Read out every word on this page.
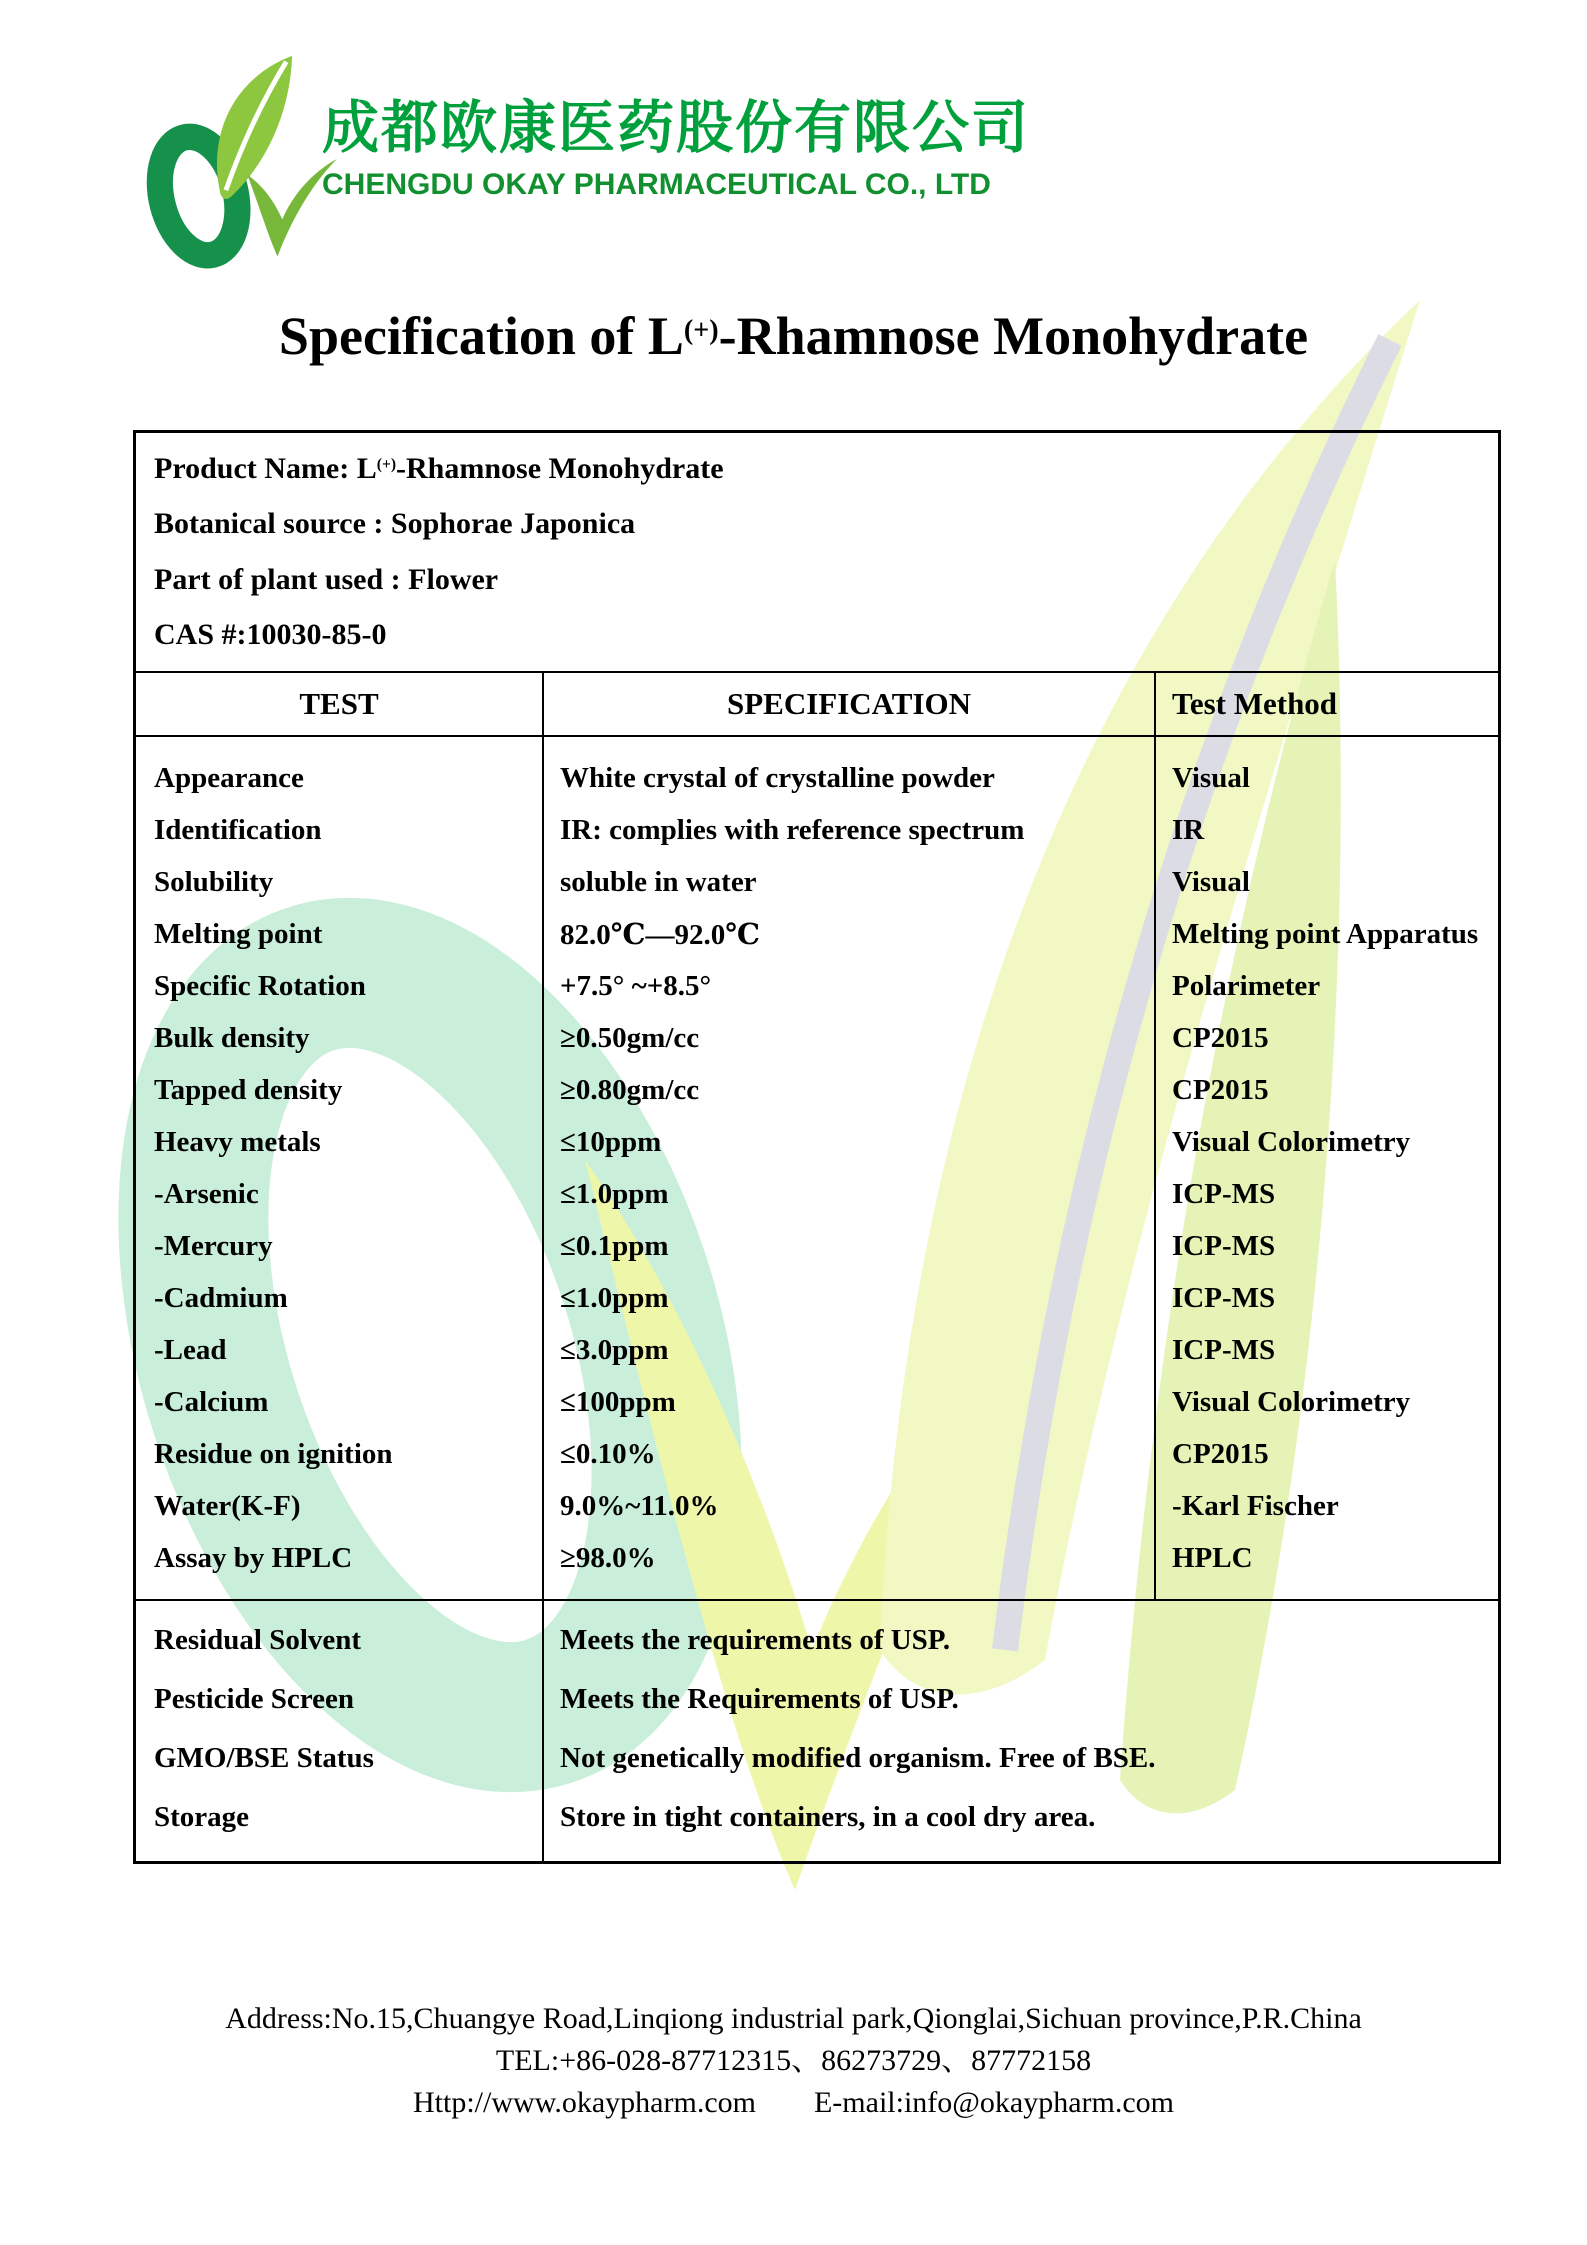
成都欧康医药股份有限公司
CHENGDU OKAY PHARMACEUTICAL CO., LTD
Specification of L(+)-Rhamnose Monohydrate
Product Name: L(+)-Rhamnose Monohydrate
Botanical source : Sophorae Japonica
Part of plant used : Flower
CAS #:10030-85-0
TEST	SPECIFICATION	Test Method
Appearance
Identification
Solubility
Melting point
Specific Rotation
Bulk density
Tapped density
Heavy metals
-Arsenic
-Mercury
-Cadmium
-Lead
-Calcium
Residue on ignition
Water(K-F)
Assay by HPLC
White crystal of crystalline powder
IR: complies with reference spectrum
soluble in water
82.0℃—92.0℃
+7.5° ~+8.5°
≥0.50gm/cc
≥0.80gm/cc
≤10ppm
≤1.0ppm
≤0.1ppm
≤1.0ppm
≤3.0ppm
≤100ppm
≤0.10%
9.0%~11.0%
≥98.0%
Visual
IR
Visual
Melting point Apparatus
Polarimeter
CP2015
CP2015
Visual Colorimetry
ICP-MS
ICP-MS
ICP-MS
ICP-MS
Visual Colorimetry
CP2015
-Karl Fischer
HPLC
Residual Solvent
Pesticide Screen
GMO/BSE Status
Storage
Meets the requirements of USP.
Meets the Requirements of USP.
Not genetically modified organism. Free of BSE.
Store in tight containers, in a cool dry area.
Address:No.15,Chuangye Road,Linqiong industrial park,Qionglai,Sichuan province,P.R.China
TEL:+86-028-87712315、86273729、87772158
Http://www.okaypharm.com E-mail:info@okaypharm.com
